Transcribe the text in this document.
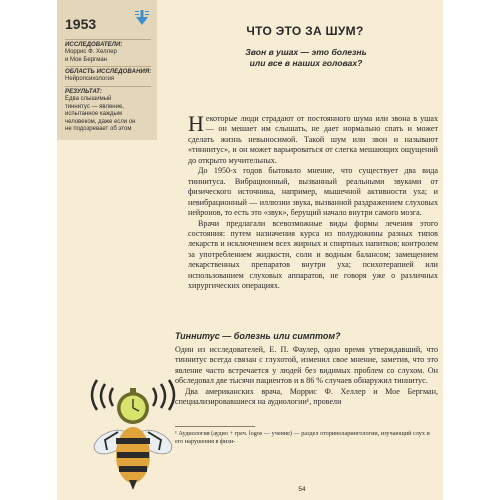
1953
ИССЛЕДОВАТЕЛИ:
Моррис Ф. Хеллер
и Мое Бергман
ОБЛАСТЬ ИССЛЕДОВАНИЯ:
Нейропсихология
РЕЗУЛЬТАТ:
Едва слышимый
тиннитус — явление,
испытанное каждым
человеком, даже если он
не подозревает об этом
ЧТО ЭТО ЗА ШУМ?
Звон в ушах — это болезнь
или все в наших головах?

Некоторые люди страдают от постоянного шума или звона в ушах — он мешает им слышать, не дает нормально спать и может сделать жизнь невыносимой. Такой шум или звон и называют «тиннитус», и он может варьироваться от слегка мешающих ощущений до открыто мучительных.

До 1950-х годов бытовало мнение, что существует два вида тиннитуса. Вибрационный, вызванный реальными звуками от физического источника, например, мышечной активности уха; и невибрационный — иллюзии звука, вызванной раздражением слуховых нейронов, то есть это «звук», берущий начало внутри самого мозга.

Врачи предлагали всевозможные виды формы лечения этого состояния: путем назначения курса из полудюжины разных типов лекарств и исключением всех жирных и спиртных напитков; контролем за употреблением жидкости, соли и водным балансом; замещением лекарственных препаратов внутри уха; психотерапией или использованием слуховых аппаратов, не говоря уже о различных хирургических операциях.

Тиннитус — болезнь или симптом?

Один из исследователей, Е. П. Фаулер, одно время утверждавший, что тиннитус всегда связан с глухотой, изменил свое мнение, заметив, что это явление часто встречается у людей без видимых проблем со слухом. Он обследовал две тысячи пациентов и в 86 % случаев обнаружил тиннитус.

Два американских врача, Моррис Ф. Хеллер и Мое Бергман, специализировавшиеся на аудиологии¹, провели

¹ Аудиология (аудио + греч. logos — учение) — раздел оториноларингологии, изучающий слух и его нарушения в физи-
54
